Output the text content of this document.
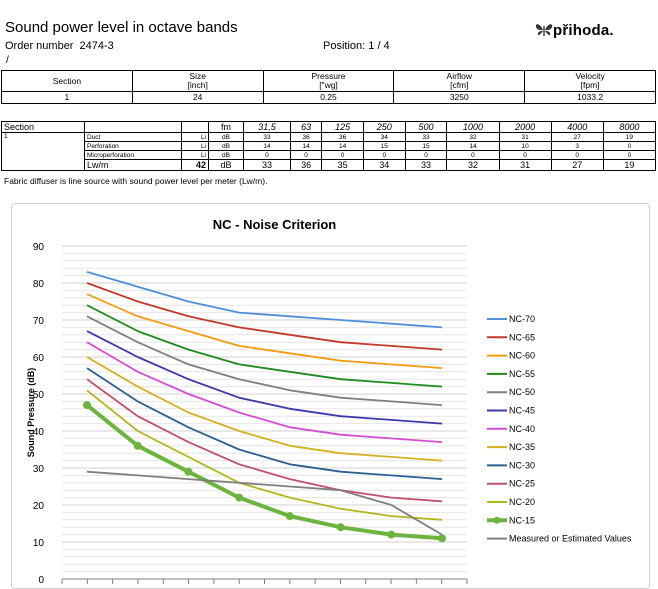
Sound power level in octave bands
Order number 2474-3	Position: 1 / 4
/
přihoda.
Section	Size
[inch]	Pressure
["wg]	Airflow
[cfm]	Velocity
[fpm]
1	24	0.25	3250	1033.2
Section			fm	31,5	63	125	250	500	1000	2000	4000	8000
1	Duct	Li	dB	33	36	36	34	33	32	31	27	19
	Perforation	Li	dB	14	14	14	15	15	14	10	3	0
	Microperforation	Li	dB	0	0	0	0	0	0	0	0	0
	Lw/m	42	dB	33	36	35	34	33	32	31	27	19
Fabric diffuser is line source with sound power level per meter (Lw/m).
NC - Noise Criterion
0
10
20
30
40
50
60
70
80
90
Sound Pressure (dB)
NC-70
NC-65
NC-60
NC-55
NC-50
NC-45
NC-40
NC-35
NC-30
NC-25
NC-20
NC-15
Measured or Estimated Values
